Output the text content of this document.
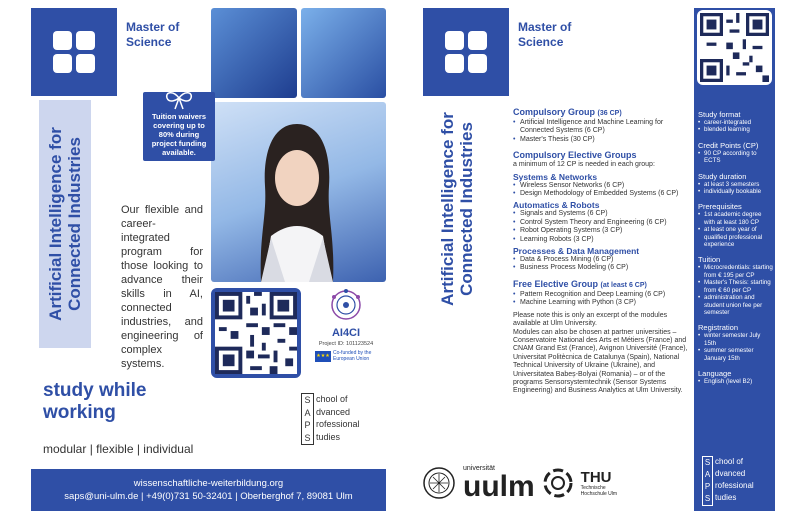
Master of Science
Artificial Intelligence for Connected Industries
Tuition waivers covering up to 80% during project funding available.
Our flexible and career-integrated program for those looking to advance their skills in AI, connected industries, and engineering of complex systems.
AI4CI
Project ID: 101123524
★★★ Co-funded by the European Union
study while
working
modular | flexible | individual
S
A
P
S
chool of
dvanced
rofessional
tudies
wissenschaftliche-weiterbildung.org
saps@uni-ulm.de | +49(0)731 50-32401 | Oberberghof 7, 89081 Ulm
Master of Science
Artificial Intelligence for Connected Industries
Compulsory Group (36 CP)
• Artificial Intelligence and Machine Learning for Connected Systems (6 CP)
• Master's Thesis (30 CP)
Compulsory Elective Groups
a minimum of 12 CP is needed in each group:
Systems & Networks
• Wireless Sensor Networks (6 CP)
• Design Methodology of Embedded Systems (6 CP)
Automatics & Robots
• Signals and Systems (6 CP)
• Control System Theory and Engineering (6 CP)
• Robot Operating Systems (3 CP)
• Learning Robots (3 CP)
Processes & Data Management
• Data & Process Mining (6 CP)
• Business Process Modeling (6 CP)
Free Elective Group (at least 6 CP)
• Pattern Recognition and Deep Learning (6 CP)
• Machine Learning with Python (3 CP)
Please note this is only an excerpt of the modules available at Ulm University.
Modules can also be chosen at partner universities – Conservatoire National des Arts et Métiers (France) and CNAM Grand Est (France), Avignon Université (France), Universitat Politècnica de Catalunya (Spain), National Technical University of Ukraine (Ukraine), and Universitatea Babeș-Bolyai (Romania) – or of the programs Sensorsystemtechnik (Sensor Systems Engineering) and Business Analytics at Ulm University.
Study format
• career-integrated
• blended learning
Credit Points (CP)
• 90 CP according to ECTS
Study duration
• at least 3 semesters
• individually bookable
Prerequisites
• 1st academic degree with at least 180 CP
• at least one year of qualified professional experience
Tuition
• Microcredentials: starting from € 195 per CP
• Master's Thesis: starting from € 60 per CP
• administration and student union fee per semester
Registration
• winter semester July 15th
• summer semester January 15th
Language
• English (level B2)
S
A
P
S
chool of
dvanced
rofessional
tudies
universität
uulm	THU
Technische Hochschule Ulm
